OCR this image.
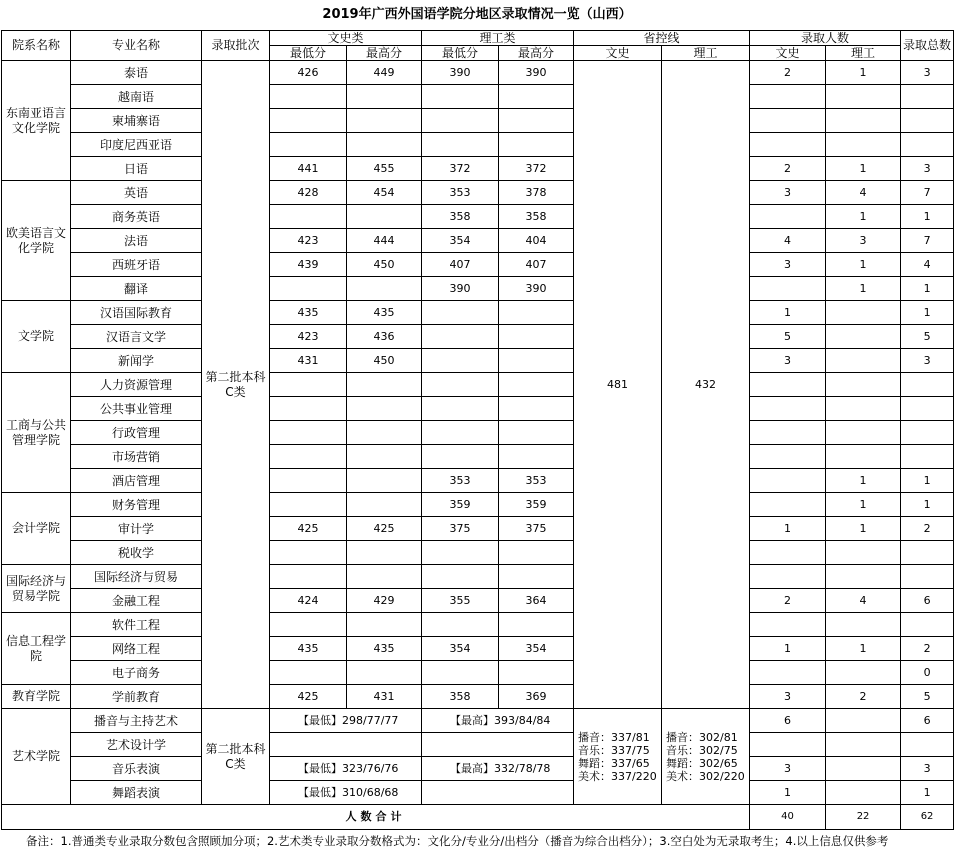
2019年广西外国语学院分地区录取情况一览（山西）
院系名称	专业名称	录取批次	文史类		理工类		省控线		录取人数		录取总数
			最低分	最高分	最低分	最高分	文史	理工	文史	理工	
东南亚语言文化学院	泰语	第二批本科C类	426	449	390	390	481	432	2	1	3
	越南语										
	柬埔寨语										
	印度尼西亚语										
	日语		441	455	372	372			2	1	3
欧美语言文化学院	英语		428	454	353	378			3	4	7
	商务英语				358	358				1	1
	法语		423	444	354	404			4	3	7
	西班牙语		439	450	407	407			3	1	4
	翻译				390	390				1	1
文学院	汉语国际教育		435	435					1		1
	汉语言文学		423	436					5		5
	新闻学		431	450					3		3
工商与公共管理学院	人力资源管理										
	公共事业管理										
	行政管理										
	市场营销										
	酒店管理				353	353				1	1
会计学院	财务管理				359	359				1	1
	审计学		425	425	375	375			1	1	2
	税收学										
国际经济与贸易学院	国际经济与贸易										
	金融工程		424	429	355	364			2	4	6
信息工程学院	软件工程										
	网络工程		435	435	354	354			1	1	2
	电子商务										0
教育学院	学前教育		425	431	358	369			3	2	5
艺术学院	播音与主持艺术	第二批本科C类	【最低】298/77/77		【最高】393/84/84		播音：337/81 音乐：337/75 舞蹈：337/65 美术：337/220	播音：302/81 音乐：302/75 舞蹈：302/65 美术：302/220	6		6
	艺术设计学										
	音乐表演		【最低】323/76/76		【最高】332/78/78				3		3
	舞蹈表演		【最低】310/68/68						1		1
人数合计									40	22	62
备注：1.普通类专业录取分数包含照顾加分项；2.艺术类专业录取分数格式为：文化分/专业分/出档分（播音为综合出档分）；3.空白处为无录取考生；4.以上信息仅供参考
